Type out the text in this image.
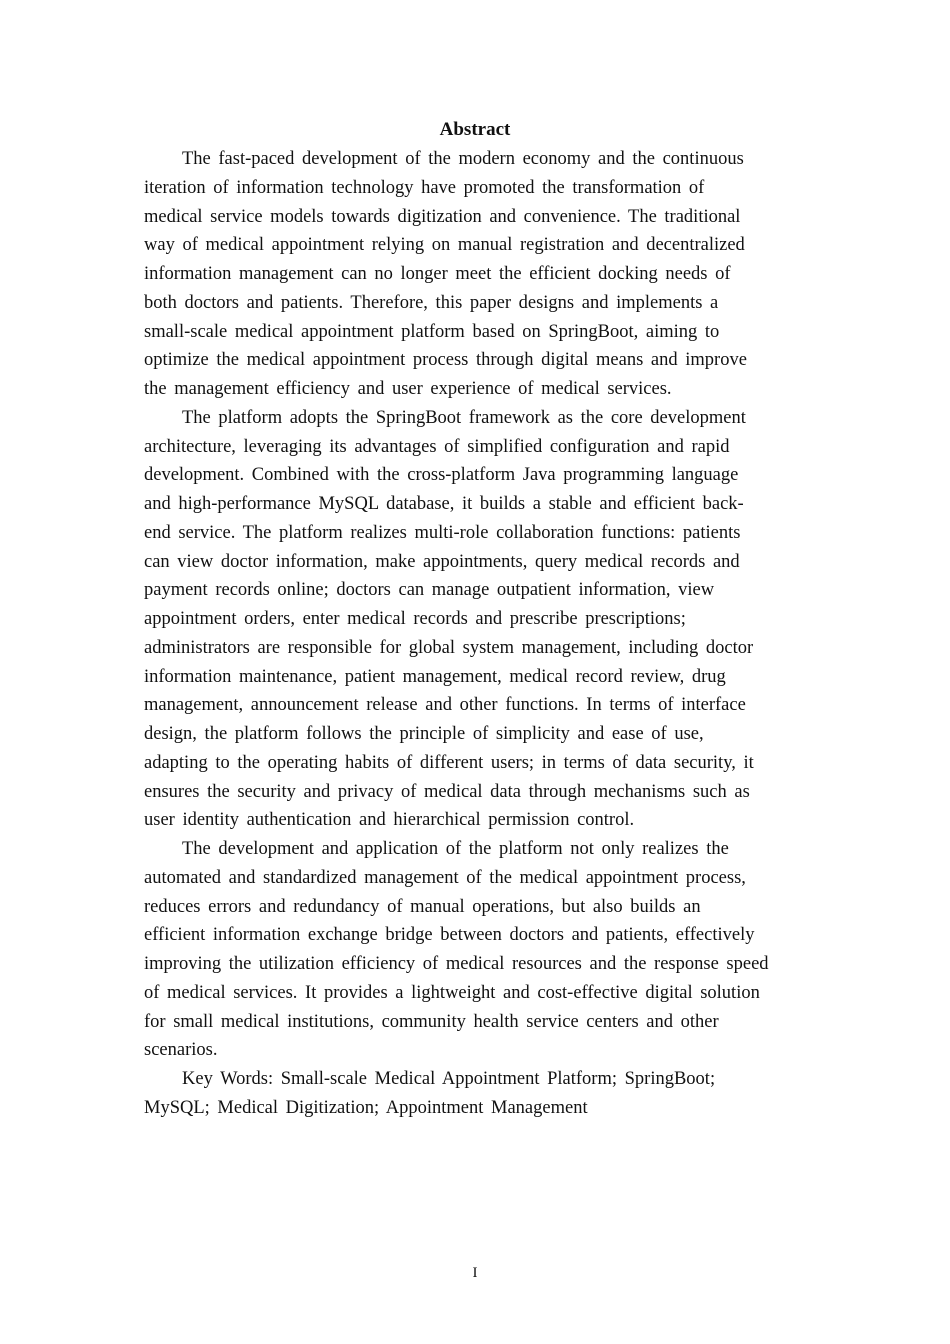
Abstract
The fast-paced development of the modern economy and the continuous
iteration of information technology have promoted the transformation of
medical service models towards digitization and convenience. The traditional
way of medical appointment relying on manual registration and decentralized
information management can no longer meet the efficient docking needs of
both doctors and patients. Therefore, this paper designs and implements a
small-scale medical appointment platform based on SpringBoot, aiming to
optimize the medical appointment process through digital means and improve
the management efficiency and user experience of medical services.
The platform adopts the SpringBoot framework as the core development
architecture, leveraging its advantages of simplified configuration and rapid
development. Combined with the cross-platform Java programming language
and high-performance MySQL database, it builds a stable and efficient back-
end service. The platform realizes multi-role collaboration functions: patients
can view doctor information, make appointments, query medical records and
payment records online; doctors can manage outpatient information, view
appointment orders, enter medical records and prescribe prescriptions;
administrators are responsible for global system management, including doctor
information maintenance, patient management, medical record review, drug
management, announcement release and other functions. In terms of interface
design, the platform follows the principle of simplicity and ease of use,
adapting to the operating habits of different users; in terms of data security, it
ensures the security and privacy of medical data through mechanisms such as
user identity authentication and hierarchical permission control.
The development and application of the platform not only realizes the
automated and standardized management of the medical appointment process,
reduces errors and redundancy of manual operations, but also builds an
efficient information exchange bridge between doctors and patients, effectively
improving the utilization efficiency of medical resources and the response speed
of medical services. It provides a lightweight and cost-effective digital solution
for small medical institutions, community health service centers and other
scenarios.
Key Words: Small-scale Medical Appointment Platform; SpringBoot;
MySQL; Medical Digitization; Appointment Management
I
